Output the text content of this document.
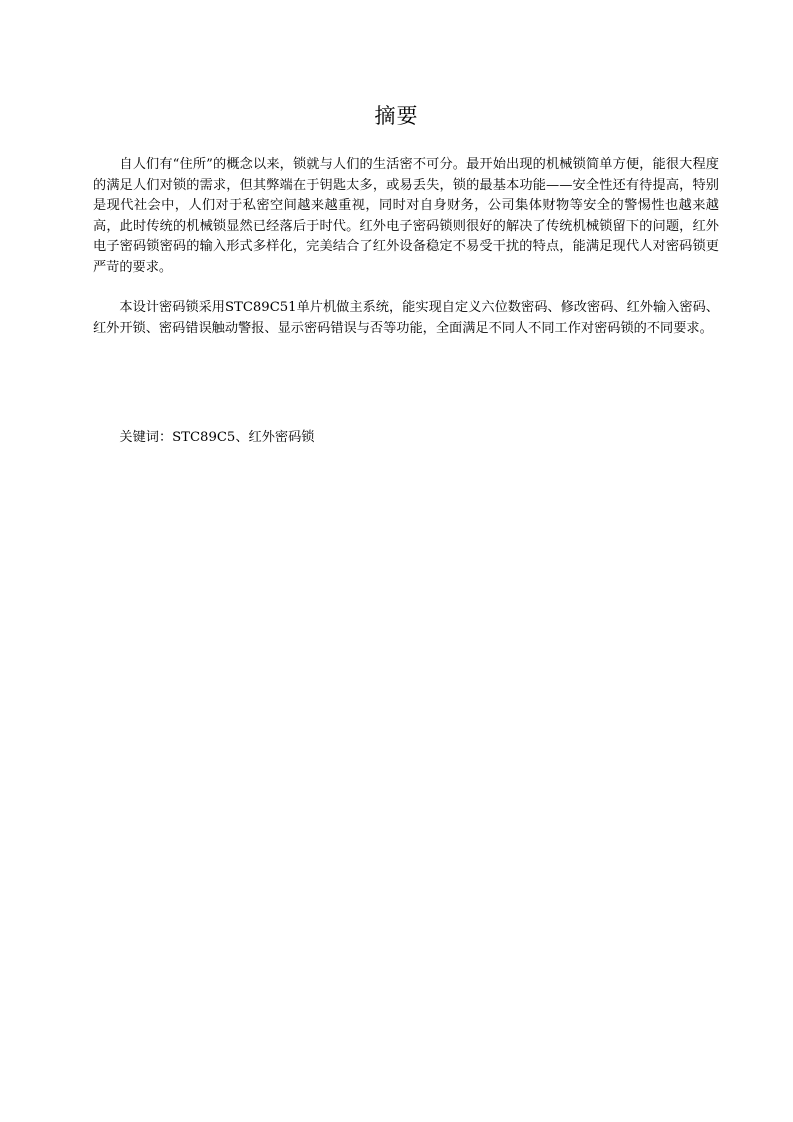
摘要

自人们有“住所”的概念以来，锁就与人们的生活密不可分。最开始出现的机械锁简单方便，能很大程度的满足人们对锁的需求，但其弊端在于钥匙太多，或易丢失，锁的最基本功能——安全性还有待提高，特别是现代社会中，人们对于私密空间越来越重视，同时对自身财务，公司集体财物等安全的警惕性也越来越高，此时传统的机械锁显然已经落后于时代。红外电子密码锁则很好的解决了传统机械锁留下的问题，红外电子密码锁密码的输入形式多样化，完美结合了红外设备稳定不易受干扰的特点，能满足现代人对密码锁更严苛的要求。

本设计密码锁采用STC89C51单片机做主系统，能实现自定义六位数密码、修改密码、红外输入密码、红外开锁、密码错误触动警报、显示密码错误与否等功能，全面满足不同人不同工作对密码锁的不同要求。

关键词：STC89C5、红外密码锁
